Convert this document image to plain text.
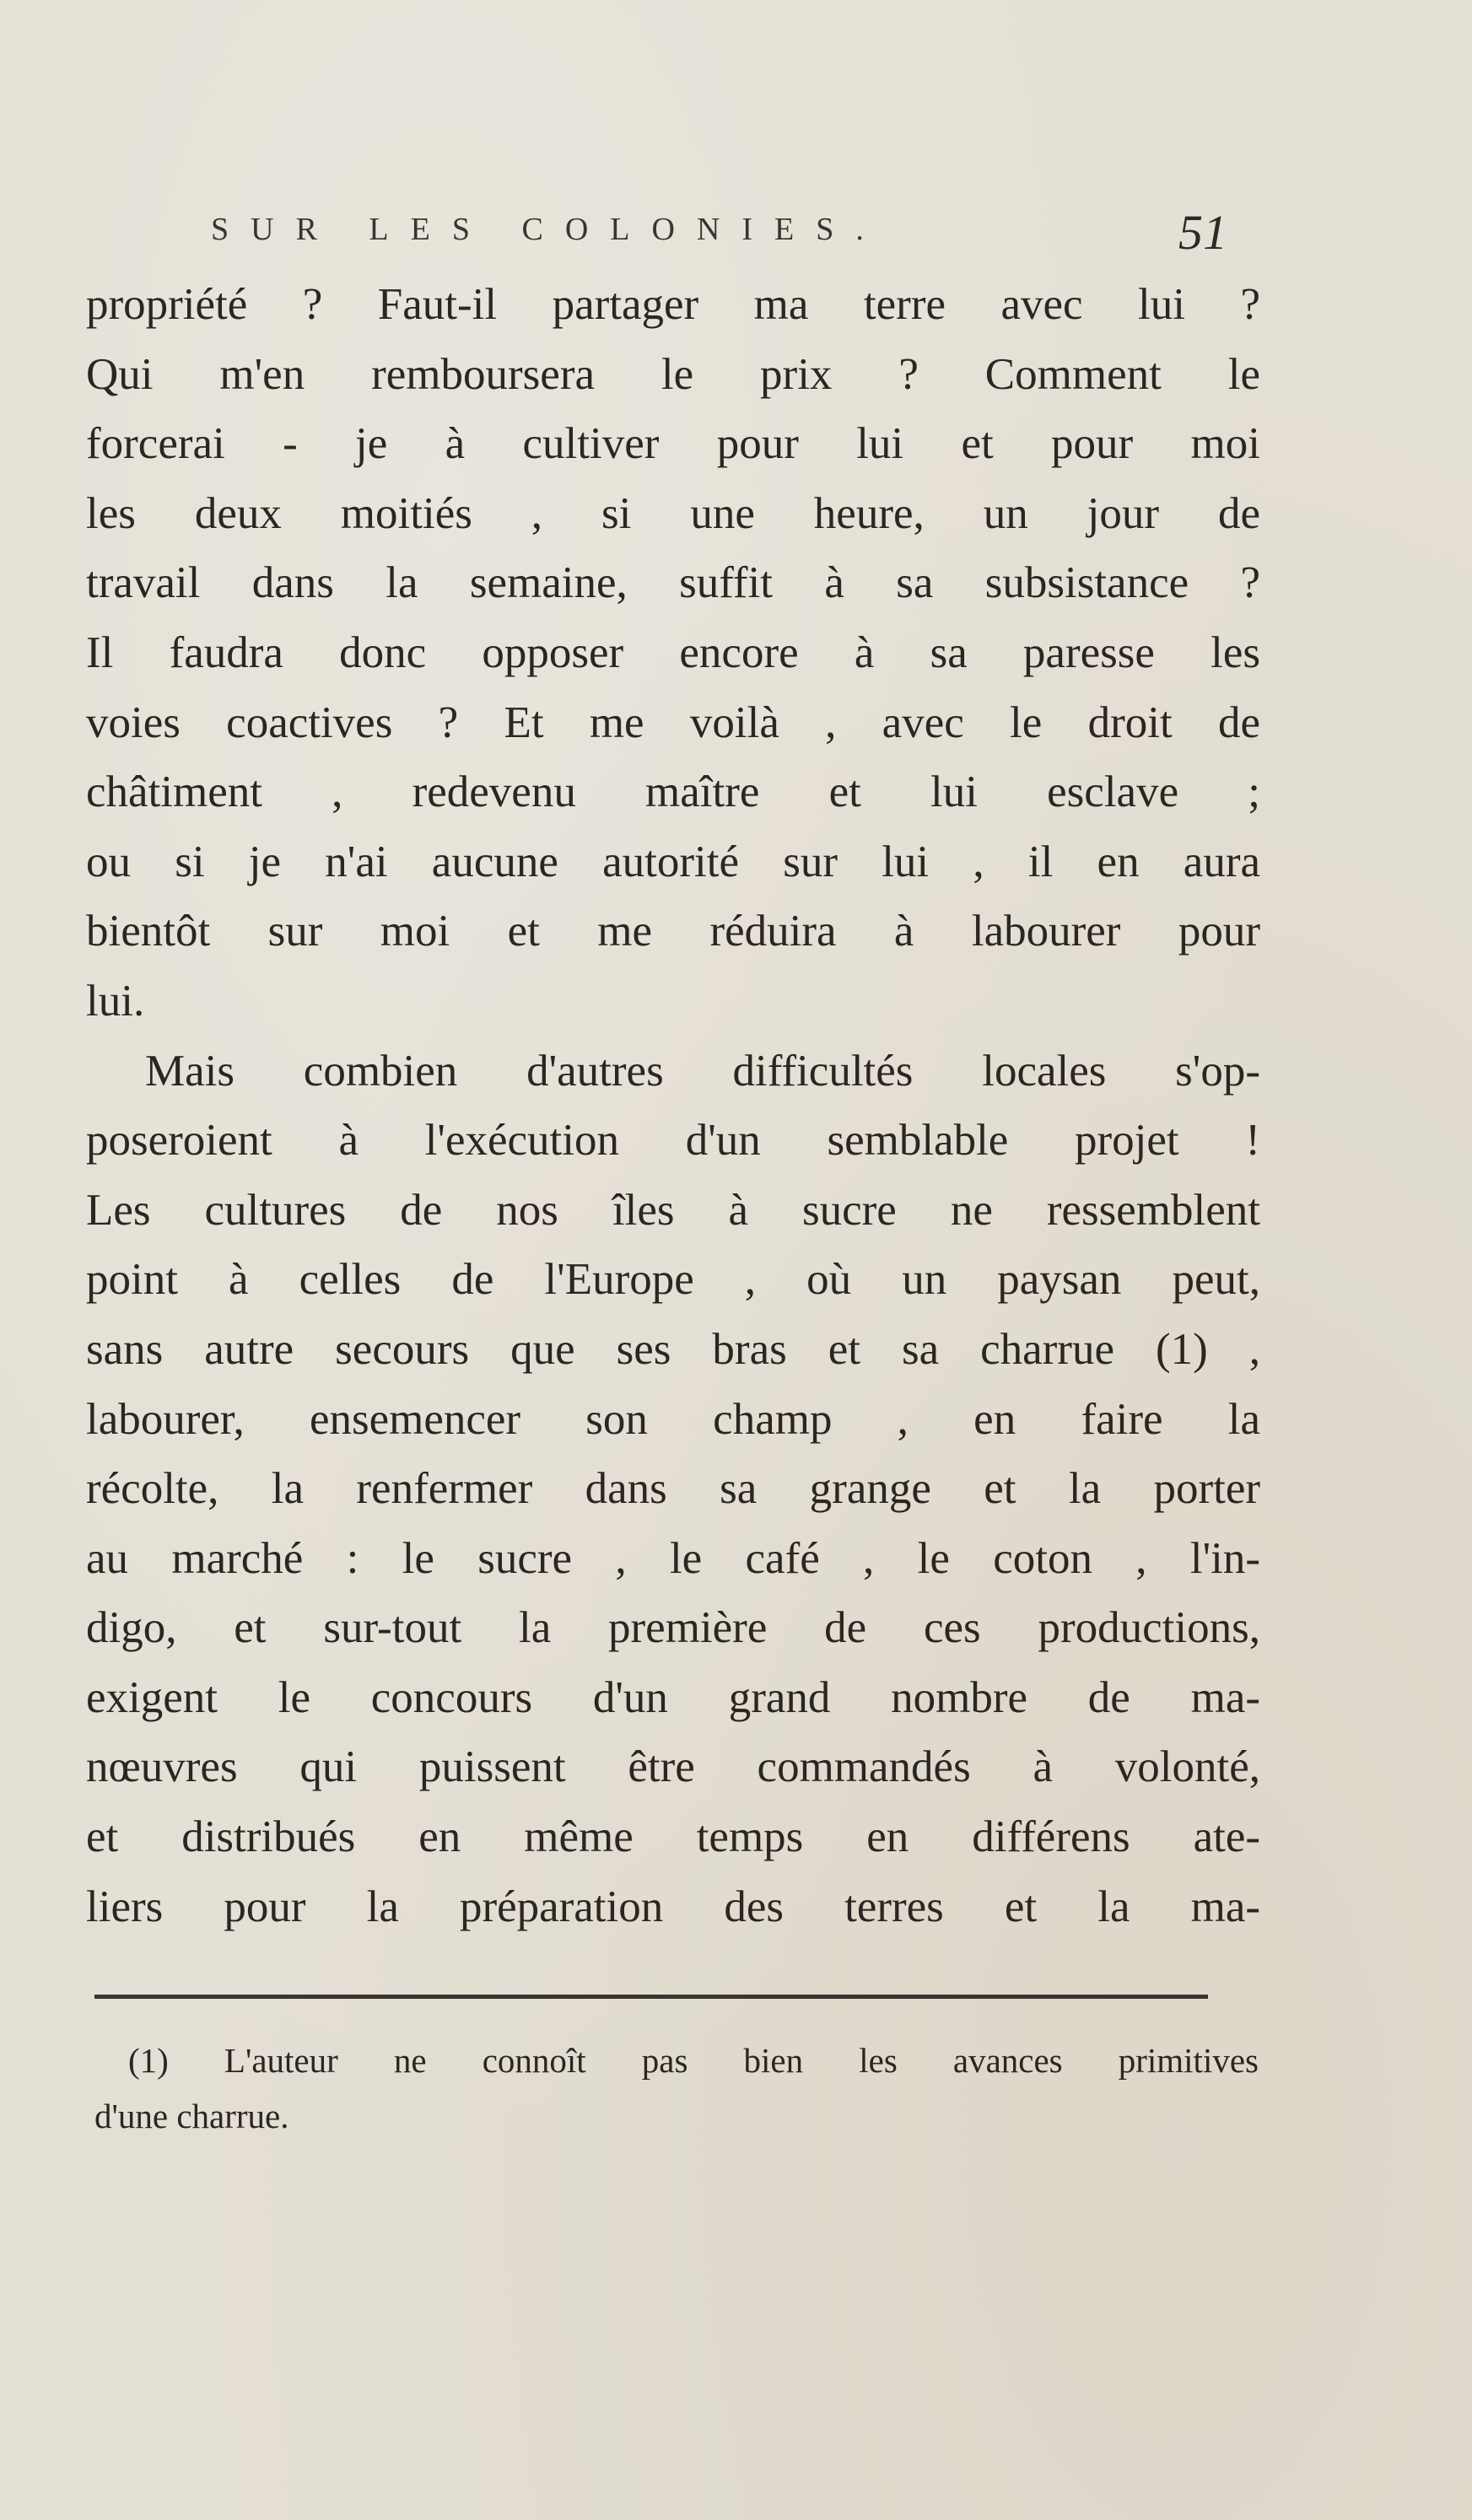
SUR LES COLONIES.	51
propriété ? Faut-il partager ma terre avec lui ?
Qui m'en remboursera le prix ? Comment le
forcerai - je à cultiver pour lui et pour moi
les deux moitiés , si une heure, un jour de
travail dans la semaine, suffit à sa subsistance ?
Il faudra donc opposer encore à sa paresse les
voies coactives ? Et me voilà , avec le droit de
châtiment , redevenu maître et lui esclave ;
ou si je n'ai aucune autorité sur lui , il en aura
bientôt sur moi et me réduira à labourer pour
lui.
Mais combien d'autres difficultés locales s'op-
poseroient à l'exécution d'un semblable projet !
Les cultures de nos îles à sucre ne ressemblent
point à celles de l'Europe , où un paysan peut,
sans autre secours que ses bras et sa charrue (1) ,
labourer, ensemencer son champ , en faire la
récolte, la renfermer dans sa grange et la porter
au marché : le sucre , le café , le coton , l'in-
digo, et sur-tout la première de ces productions,
exigent le concours d'un grand nombre de ma-
nœuvres qui puissent être commandés à volonté,
et distribués en même temps en différens ate-
liers pour la préparation des terres et la ma-
(1) L'auteur ne connoît pas bien les avances primitives
d'une charrue.
